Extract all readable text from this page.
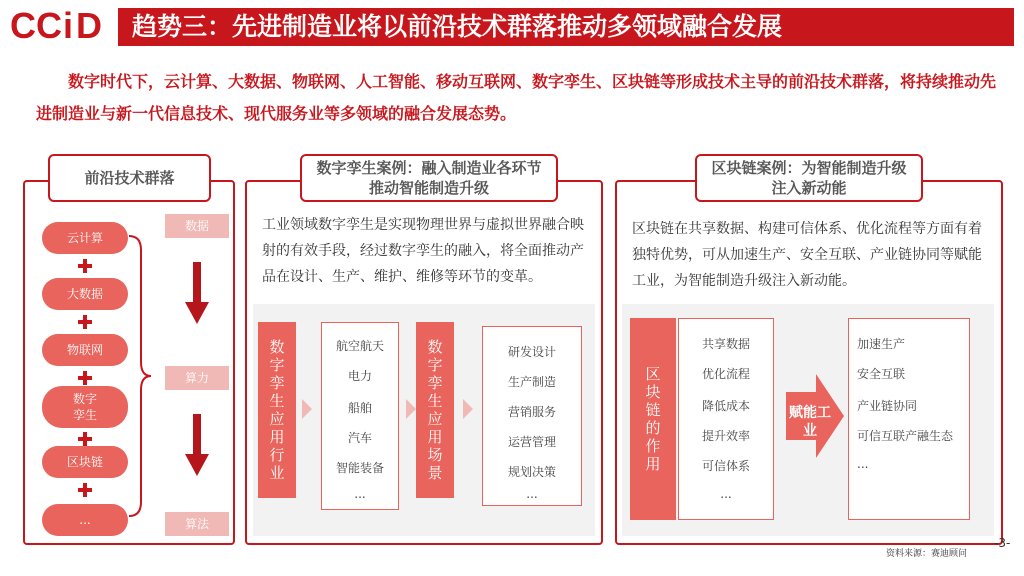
C C i D 趋势三：先进制造业将以前沿技术群落推动多领域融合发展

数字时代下，云计算、大数据、物联网、人工智能、移动互联网、数字孪生、区块链等形成技术主导的前沿技术群落，将持续推动先进制造业与新一代信息技术、现代服务业等多领域的融合发展态势。

前沿技术群落
数字孪生案例：融入制造业各环节
推动智能制造升级
区块链案例：为智能制造升级
注入新动能
云计算
大数据
物联网
数字孪生
区块链
...
数据
算力
算法
工业领域数字孪生是实现物理世界与虚拟世界融合映射的有效手段，经过数字孪生的融入，将全面推动产品在设计、生产、维护、维修等环节的变革。
数字孪生应用行业
航空航天
电力
船舶
汽车
智能装备
...
数字孪生应用场景
研发设计
生产制造
营销服务
运营管理
规划决策
...
区块链在共享数据、构建可信体系、优化流程等方面有着独特优势，可从加速生产、安全互联、产业链协同等赋能工业，为智能制造升级注入新动能。
区块链的作用
共享数据
优化流程
降低成本
提升效率
可信体系
...
赋能工业
加速生产
安全互联
产业链协同
可信互联产融生态
...
资料来源：赛迪顾问
-3-
